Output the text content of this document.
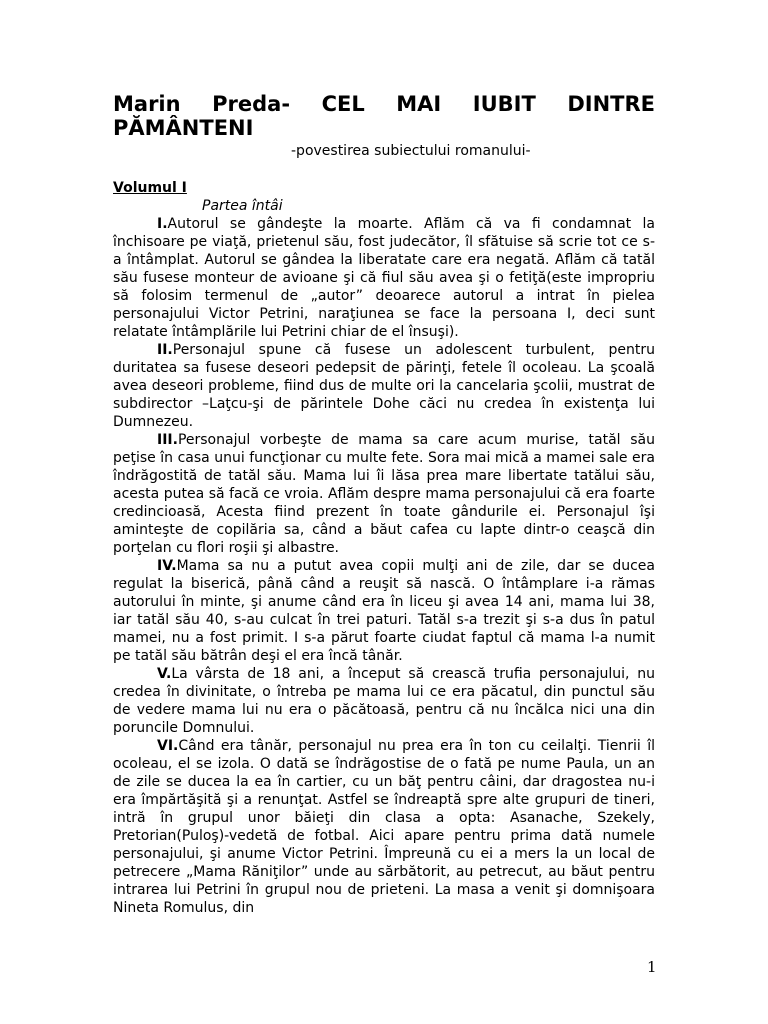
Marin Preda- CEL MAI IUBIT DINTRE PĂMÂNTENI
-povestirea subiectului romanului-
Volumul I
Partea întâi

I.Autorul se gândeşte la moarte. Aflăm că va fi condamnat la închisoare pe viaţă, prietenul său, fost judecător, îl sfătuise să scrie tot ce s-a întâmplat. Autorul se gândea la liberatate care era negată. Aflăm că tatăl său fusese monteur de avioane şi că fiul său avea şi o fetiţă(este impropriu să folosim termenul de „autor” deoarece autorul a intrat în pielea personajului Victor Petrini, naraţiunea se face la persoana I, deci sunt relatate întâmplările lui Petrini chiar de el însuşi).

II.Personajul spune că fusese un adolescent turbulent, pentru duritatea sa fusese deseori pedepsit de părinţi, fetele îl ocoleau. La şcoală avea deseori probleme, fiind dus de multe ori la cancelaria şcolii, mustrat de subdirector –Laţcu-şi de părintele Dohe căci nu credea în existenţa lui Dumnezeu.

III.Personajul vorbeşte de mama sa care acum murise, tatăl său peţise în casa unui funcţionar cu multe fete. Sora mai mică a mamei sale era îndrăgostită de tatăl său. Mama lui îi lăsa prea mare libertate tatălui său, acesta putea să facă ce vroia. Aflăm despre mama personajului că era foarte credincioasă, Acesta fiind prezent în toate gândurile ei. Personajul îşi aminteşte de copilăria sa, când a băut cafea cu lapte dintr-o ceaşcă din porţelan cu flori roşii şi albastre.

IV.Mama sa nu a putut avea copii mulţi ani de zile, dar se ducea regulat la biserică, până când a reuşit să nască. O întâmplare i-a rămas autorului în minte, şi anume când era în liceu şi avea 14 ani, mama lui 38, iar tatăl său 40, s-au culcat în trei paturi. Tatăl s-a trezit şi s-a dus în patul mamei, nu a fost primit. I s-a părut foarte ciudat faptul că mama l-a numit pe tatăl său bătrân deşi el era încă tânăr.

V.La vârsta de 18 ani, a început să crească trufia personajului, nu credea în divinitate, o întreba pe mama lui ce era păcatul, din punctul său de vedere mama lui nu era o păcătoasă, pentru că nu încălca nici una din poruncile Domnului.

VI.Când era tânăr, personajul nu prea era în ton cu ceilalţi. Tienrii îl ocoleau, el se izola. O dată se îndrăgostise de o fată pe nume Paula, un an de zile se ducea la ea în cartier, cu un băţ pentru câini, dar dragostea nu-i era împărtăşită şi a renunţat. Astfel se îndreaptă spre alte grupuri de tineri, intră în grupul unor băieţi din clasa a opta: Asanache, Szekely, Pretorian(Puloş)-vedetă de fotbal. Aici apare pentru prima dată numele personajului, şi anume Victor Petrini. Împreună cu ei a mers la un local de petrecere „Mama Răniţilor” unde au sărbătorit, au petrecut, au băut pentru intrarea lui Petrini în grupul nou de prieteni. La masa a venit şi domnişoara Nineta Romulus, din

1
